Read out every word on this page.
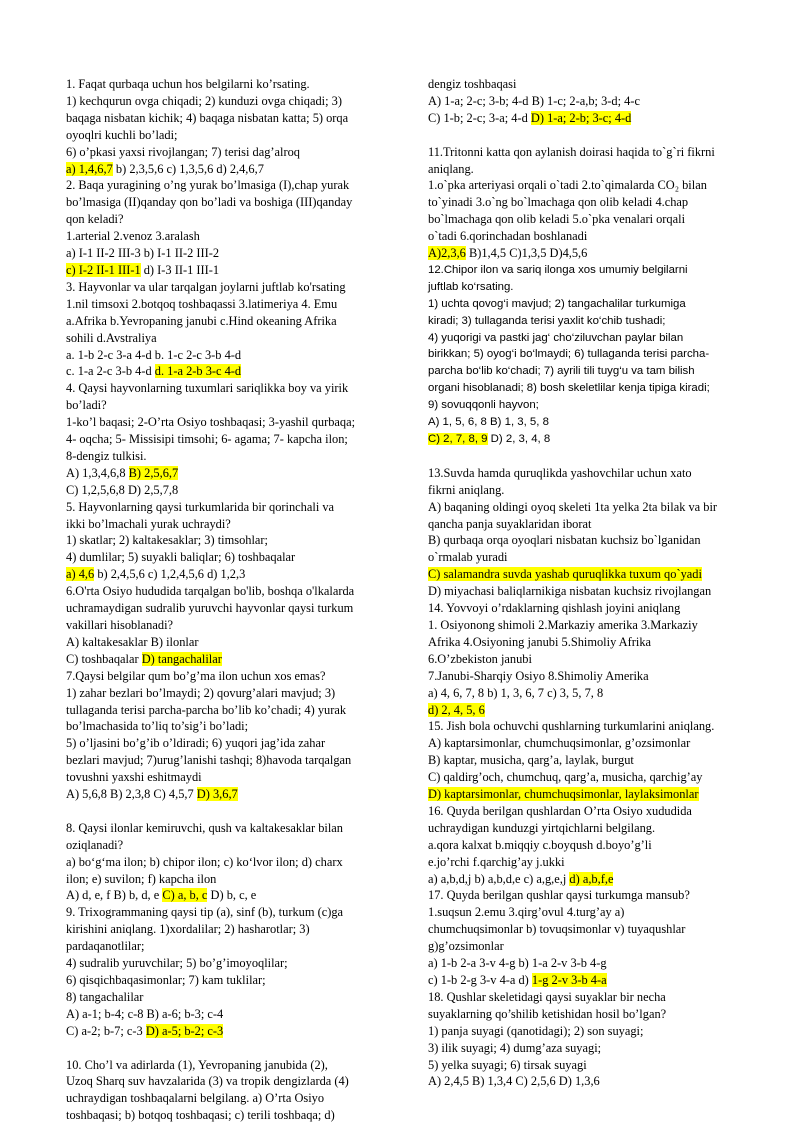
1. Faqat qurbaqa uchun hos belgilarni ko’rsating.
1) kechqurun ovga chiqadi; 2) kunduzi ovga chiqadi; 3)
baqaga nisbatan kichik; 4) baqaga nisbatan katta; 5) orqa
oyoqlri kuchli bo’ladi;
6) o’pkasi yaxsi rivojlangan; 7) terisi dag’alroq
a) 1,4,6,7 b) 2,3,5,6 c) 1,3,5,6 d) 2,4,6,7
2. Baqa yuragining o’ng yurak bo’lmasiga (I),chap yurak
bo’lmasiga (II)qanday qon bo’ladi va boshiga (III)qanday
qon keladi?
1.arterial 2.venoz 3.aralash
a) I-1 II-2 III-3 b) I-1 II-2 III-2
c) I-2 II-1 III-1 d) I-3 II-1 III-1
3. Hayvonlar va ular tarqalgan joylarni juftlab ko'rsating
1.nil timsoxi 2.botqoq toshbaqassi 3.latimeriya 4. Emu
a.Afrika b.Yevropaning janubi c.Hind okeaning Afrika
sohili d.Avstraliya
a. 1-b 2-c 3-a 4-d b. 1-c 2-c 3-b 4-d
c. 1-a 2-c 3-b 4-d d. 1-a 2-b 3-c 4-d
4. Qaysi hayvonlarning tuxumlari sariqlikka boy va yirik
bo’ladi?
1-ko’l baqasi; 2-O’rta Osiyo toshbaqasi; 3-yashil qurbaqa;
4- oqcha; 5- Missisipi timsohi; 6- agama; 7- kapcha ilon;
8-dengiz tulkisi.
A) 1,3,4,6,8 B) 2,5,6,7
C) 1,2,5,6,8 D) 2,5,7,8
5. Hayvonlarning qaysi turkumlarida bir qorinchali va
ikki bo’lmachali yurak uchraydi?
1) skatlar; 2) kaltakesaklar; 3) timsohlar;
4) dumlilar; 5) suyakli baliqlar; 6) toshbaqalar
a) 4,6 b) 2,4,5,6 c) 1,2,4,5,6 d) 1,2,3
6.O'rta Osiyo hududida tarqalgan bo'lib, boshqa o'lkalarda
uchramaydigan sudralib yuruvchi hayvonlar qaysi turkum
vakillari hisoblanadi?
A) kaltakesaklar B) ilonlar
C) toshbaqalar D) tangachalilar
7.Qaysi belgilar qum bo’g’ma ilon uchun xos emas?
1) zahar bezlari bo’lmaydi; 2) qovurg’alari mavjud; 3)
tullaganda terisi parcha-parcha bo’lib ko’chadi; 4) yurak
bo’lmachasida to’liq to’sig’i bo’ladi;
5) o’ljasini bo’g’ib o’ldiradi; 6) yuqori jag’ida zahar
bezlari mavjud; 7)urug’lanishi tashqi; 8)havoda tarqalgan
tovushni yaxshi eshitmaydi
A) 5,6,8 B) 2,3,8 C) 4,5,7 D) 3,6,7
8. Qaysi ilonlar kemiruvchi, qush va kaltakesaklar bilan
oziqlanadi?
a) bo‘g‘ma ilon; b) chipor ilon; c) ko‘lvor ilon; d) charx
ilon; e) suvilon; f) kapcha ilon
A) d, e, f B) b, d, e C) a, b, c D) b, c, e
9. Trixogrammaning qaysi tip (a), sinf (b), turkum (c)ga
kirishini aniqlang. 1)xordalilar; 2) hasharotlar; 3)
pardaqanotlilar;
4) sudralib yuruvchilar; 5) bo’g’imoyoqlilar;
6) qisqichbaqasimonlar; 7) kam tuklilar;
8) tangachalilar
A) a-1; b-4; c-8 B) a-6; b-3; c-4
C) a-2; b-7; c-3 D) a-5; b-2; c-3
10. Cho’l va adirlarda (1), Yevropaning janubida (2),
Uzoq Sharq suv havzalarida (3) va tropik dengizlarda (4)
uchraydigan toshbaqalarni belgilang. a) O’rta Osiyo
toshbaqasi; b) botqoq toshbaqasi; c) terili toshbaqa; d)
dengiz toshbaqasi
A) 1-a; 2-c; 3-b; 4-d B) 1-c; 2-a,b; 3-d; 4-c
C) 1-b; 2-c; 3-a; 4-d D) 1-a; 2-b; 3-c; 4-d
11.Tritonni katta qon aylanish doirasi haqida to`g`ri fikrni
aniqlang.
1.o`pka arteriyasi orqali o`tadi 2.to`qimalarda CO₂ bilan
to`yinadi 3.o`ng bo`lmachaga qon olib keladi 4.chap
bo`lmachaga qon olib keladi 5.o`pka venalari orqali
o`tadi 6.qorinchadan boshlanadi
A)2,3,6 B)1,4,5 C)1,3,5 D)4,5,6
12.Chipor ilon va sariq ilonga xos umumiy belgilarni
juftlab ko‘rsating.
1) uchta qovog‘i mavjud; 2) tangachalilar turkumiga
kiradi; 3) tullaganda terisi yaxlit ko‘chib tushadi;
4) yuqorigi va pastki jag‘ cho‘ziluvchan paylar bilan
birikkan; 5) oyog‘i bo‘lmaydi; 6) tullaganda terisi parcha-
parcha bo‘lib ko‘chadi; 7) ayrili tili tuyg‘u va tam bilish
organi hisoblanadi; 8) bosh skeletlilar kenja tipiga kiradi;
9) sovuqqonli hayvon;
A) 1, 5, 6, 8 B) 1, 3, 5, 8
C) 2, 7, 8, 9 D) 2, 3, 4, 8
13.Suvda hamda quruqlikda yashovchilar uchun xato
fikrni aniqlang.
A) baqaning oldingi oyoq skeleti 1ta yelka 2ta bilak va bir
qancha panja suyaklaridan iborat
B) qurbaqa orqa oyoqlari nisbatan kuchsiz bo`lganidan
o`rmalab yuradi
C) salamandra suvda yashab quruqlikka tuxum qo`yadi
D) miyachasi baliqlarnikiga nisbatan kuchsiz rivojlangan
14. Yovvoyi o’rdaklarning qishlash joyini aniqlang
1. Osiyonong shimoli 2.Markaziy amerika 3.Markaziy
Afrika 4.Osiyoning janubi 5.Shimoliy Afrika
6.O’zbekiston janubi
7.Janubi-Sharqiy Osiyo 8.Shimoliy Amerika
a) 4, 6, 7, 8 b) 1, 3, 6, 7 c) 3, 5, 7, 8
d) 2, 4, 5, 6
15. Jish bola ochuvchi qushlarning turkumlarini aniqlang.
A) kaptarsimonlar, chumchuqsimonlar, g’ozsimonlar
B) kaptar, musicha, qarg’a, laylak, burgut
C) qaldirg’och, chumchuq, qarg’a, musicha, qarchig’ay
D) kaptarsimonlar, chumchuqsimonlar, laylaksimonlar
16. Quyda berilgan qushlardan O’rta Osiyo xududida
uchraydigan kunduzgi yirtqichlarni belgilang.
a.qora kalxat b.miqqiy c.boyqush d.boyo’g’li
e.jo’rchi f.qarchig’ay j.ukki
a) a,b,d,j b) a,b,d,e c) a,g,e,j d) a,b,f,e
17. Quyda berilgan qushlar qaysi turkumga mansub?
1.suqsun 2.emu 3.qirg’ovul 4.turg’ay a)
chumchuqsimonlar b) tovuqsimonlar v) tuyaqushlar
g)g’ozsimonlar
a) 1-b 2-a 3-v 4-g b) 1-a 2-v 3-b 4-g
c) 1-b 2-g 3-v 4-a d) 1-g 2-v 3-b 4-a
18. Qushlar skeletidagi qaysi suyaklar bir necha
suyaklarning qo’shilib ketishidan hosil bo’lgan?
1) panja suyagi (qanotidagi); 2) son suyagi;
3) ilik suyagi; 4) dumg’aza suyagi;
5) yelka suyagi; 6) tirsak suyagi
A) 2,4,5 B) 1,3,4 C) 2,5,6 D) 1,3,6
